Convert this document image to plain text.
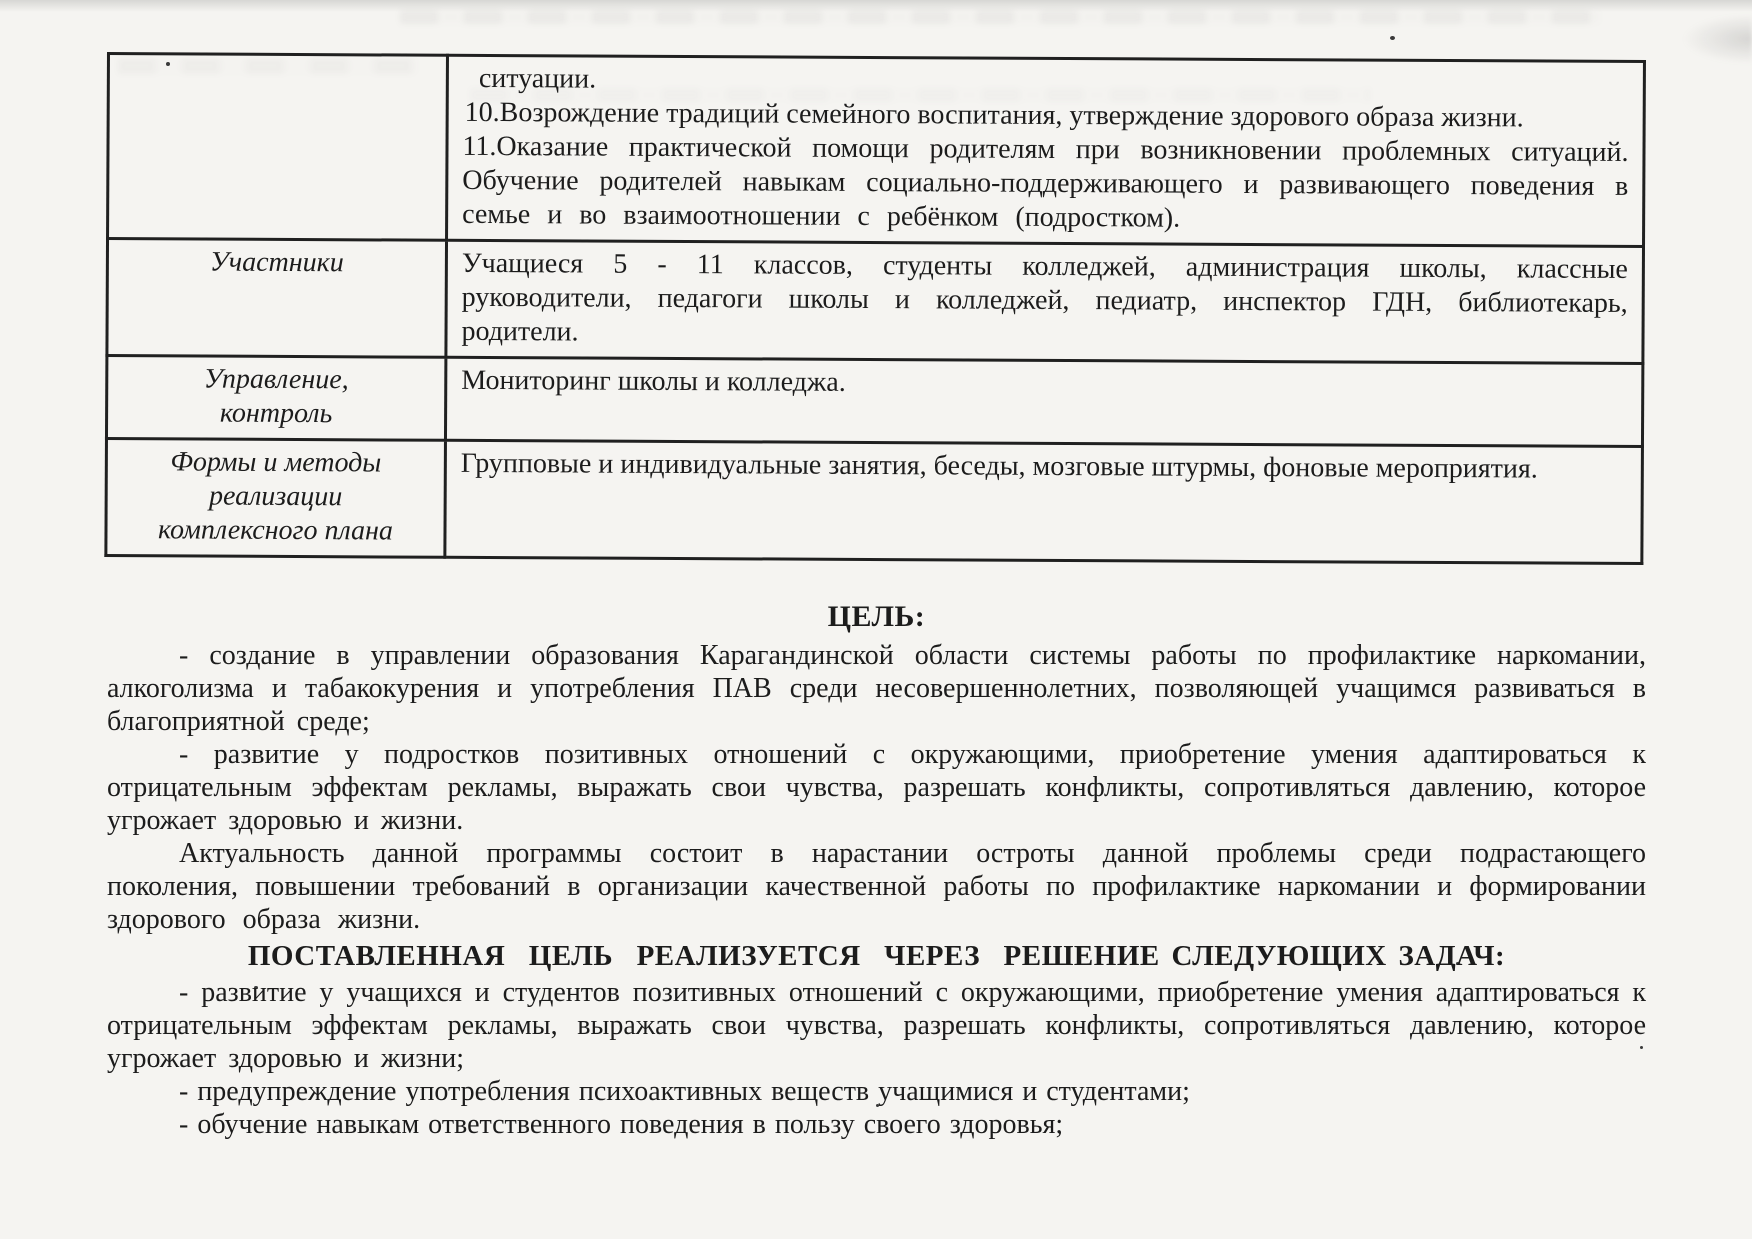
	ситуации.
10.Возрождение традиций семейного воспитания, утверждение здорового образа жизни.
11.Оказание практической помощи родителям при возникновении проблемных ситуаций. Обучение родителей навыкам социально-поддерживающего и развивающего поведения в семье и во взаимоотношении с ребёнком (подростком).

Участники	Учащиеся 5 - 11 классов, студенты колледжей, администрация школы, классные руководители, педагоги школы и колледжей, педиатр, инспектор ГДН, библиотекарь, родители.

Управление, контроль	Мониторинг школы и колледжа.

Формы и методы реализации комплексного плана	Групповые и индивидуальные занятия, беседы, мозговые штурмы, фоновые мероприятия.
ЦЕЛЬ:

- создание в управлении образования Карагандинской области системы работы по профилактике наркомании, алкоголизма и табакокурения и употребления ПАВ среди несовершеннолетних, позволяющей учащимся развиваться в благоприятной среде;

- развитие у подростков позитивных отношений с окружающими, приобретение умения адаптироваться к отрицательным эффектам рекламы, выражать свои чувства, разрешать конфликты, сопротивляться давлению, которое угрожает здоровью и жизни.

Актуальность данной программы состоит в нарастании остроты данной проблемы среди подрастающего поколения, повышении требований в организации качественной работы по профилактике наркомании и формировании здорового образа жизни.

ПОСТАВЛЕННАЯ  ЦЕЛЬ  РЕАЛИЗУЕТСЯ  ЧЕРЕЗ  РЕШЕНИЕ СЛЕДУЮЩИХ ЗАДАЧ:

- развитие у учащихся и студентов позитивных отношений с окружающими, приобретение умения адаптироваться к отрицательным эффектам рекламы, выражать свои чувства, разрешать конфликты, сопротивляться давлению, которое угрожает здоровью и жизни;

- предупреждение употребления психоактивных веществ учащимися и студентами;

- обучение навыкам ответственного поведения в пользу своего здоровья;
